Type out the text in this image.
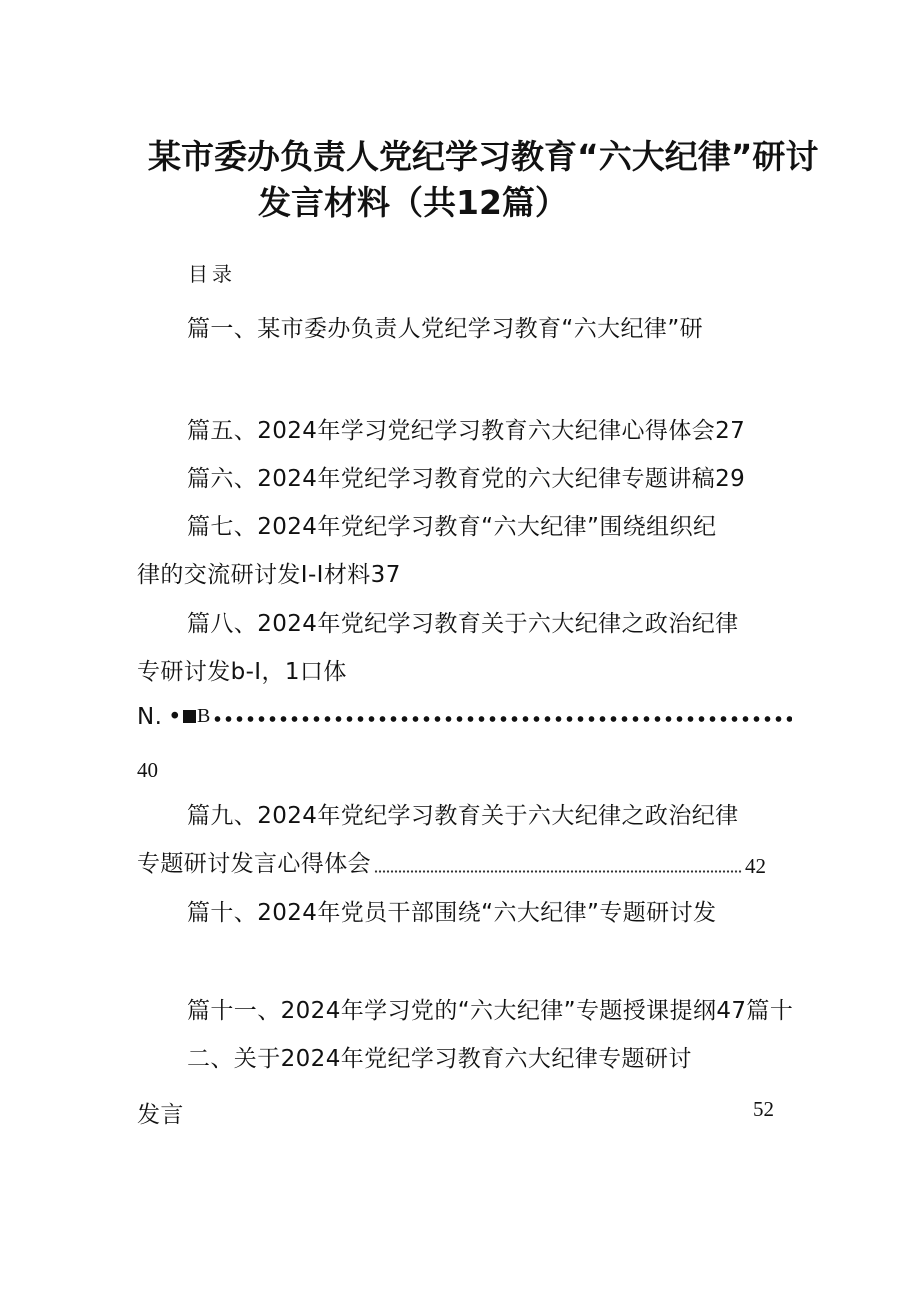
某市委办负责人党纪学习教育“六大纪律”研讨
发言材料（共12篇）
目录
篇一、某市委办负责人党纪学习教育“六大纪律”研
篇五、2024年学习党纪学习教育六大纪律心得体会27
篇六、2024年党纪学习教育党的六大纪律专题讲稿29
篇七、2024年党纪学习教育“六大纪律”围绕组织纪
律的交流研讨发I-I材料37
篇八、2024年党纪学习教育关于六大纪律之政治纪律
专研讨发b-I，1口体
N. • B
40
篇九、2024年党纪学习教育关于六大纪律之政治纪律
专题研讨发言心得体会	42
篇十、2024年党员干部围绕“六大纪律”专题研讨发
篇十一、2024年学习党的“六大纪律”专题授课提纲47篇十
二、关于2024年党纪学习教育六大纪律专题研讨
发言	52
